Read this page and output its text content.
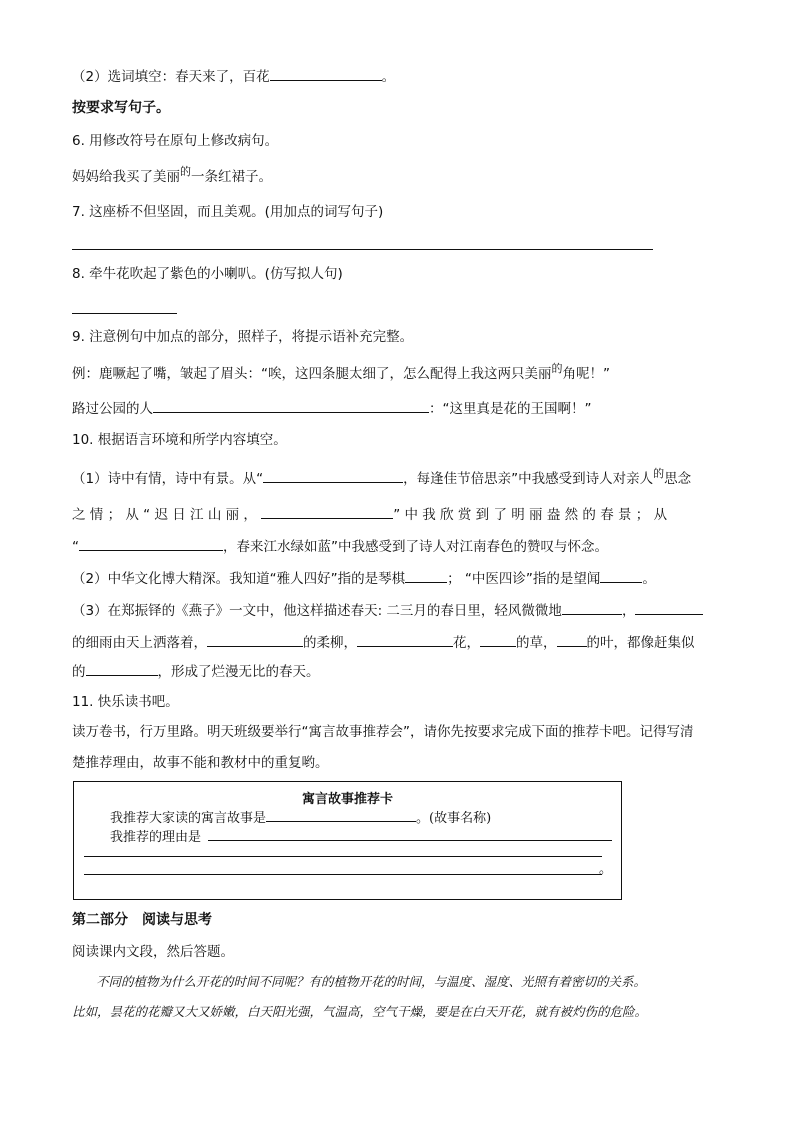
（2）选词填空：春天来了，百花	。
按要求写句子。
6. 用修改符号在原句上修改病句。
妈妈给我买了美丽$^的$一条红裙子。
7. 这座桥不但坚固，而且美观。(用加点的词写句子)
8. 牵牛花吹起了紫色的小喇叭。(仿写拟人句)
9. 注意例句中加点的部分，照样子，将提示语补充完整。
例：鹿噘起了嘴，皱起了眉头：“唉，这四条腿太细了，怎么配得上我这两只美丽$^的$角呢！”
路过公园的人	：“这里真是花的王国啊！”
10. 根据语言环境和所学内容填空。
（1）诗中有情，诗中有景。从“	，每逢佳节倍思亲”中我感受到诗人对亲人$^的$思念
之 情 ； 从 “ 迟 日 江 山 丽 ，	” 中 我 欣 赏 到 了 明 丽 盎 然 的 春 景 ； 从
“	，春来江水绿如蓝”中我感受到了诗人对江南春色的赞叹与怀念。
（2）中华文化博大精深。我知道“雅人四好”指的是琴棋	； “中医四诊”指的是望闻	。
（3）在郑振铎的《燕子》一文中，他这样描述春天: 二三月的春日里，轻风微微地	，
的细雨由天上洒落着，	的柔柳，	花，	的草， 的叶，都像赶集似
的	，形成了烂漫无比的春天。
11. 快乐读书吧。
读万卷书，行万里路。明天班级要举行“寓言故事推荐会”，请你先按要求完成下面的推荐卡吧。记得写清
楚推荐理由，故事不能和教材中的重复哟。
寓言故事推荐卡
我推荐大家读的寓言故事是	。(故事名称)
我推荐的理由是
。
第二部分　阅读与思考
阅读课内文段，然后答题。
不同的植物为什么开花的时间不同呢？有的植物开花的时间，与温度、湿度、光照有着密切的关系。
比如，昙花的花瓣又大又娇嫩，白天阳光强，气温高，空气干燥，要是在白天开花，就有被灼伤的危险。
